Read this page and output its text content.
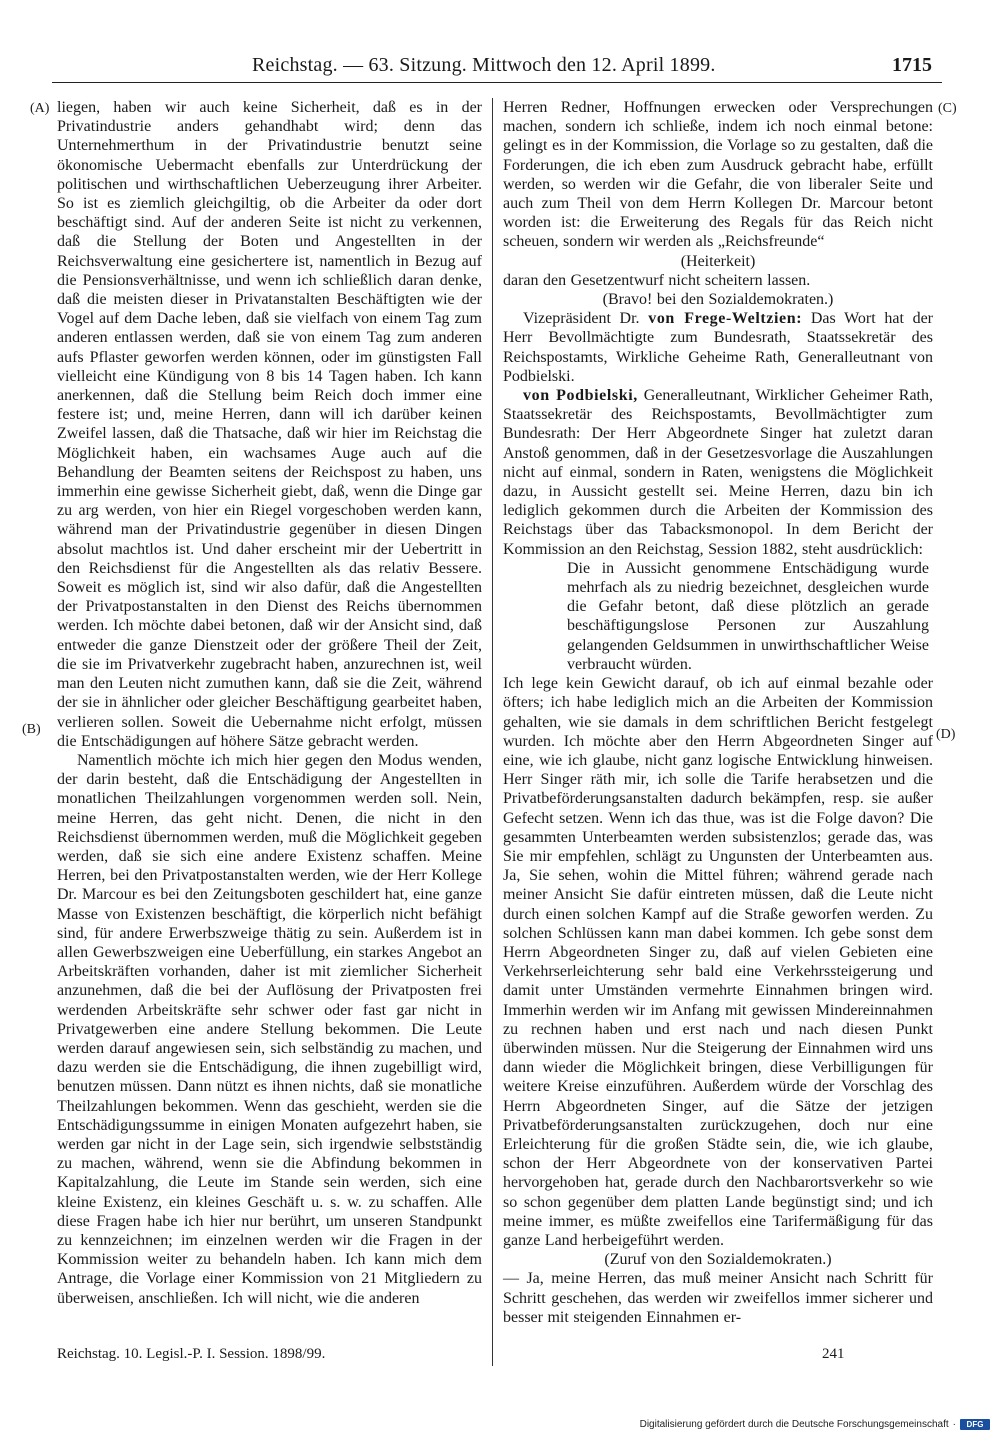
Reichstag. — 63. Sitzung. Mittwoch den 12. April 1899.	1715
(A)
(B)
(C)
(D)

liegen, haben wir auch keine Sicherheit, daß es in der Privatindustrie anders gehandhabt wird; denn das Unternehmerthum in der Privatindustrie benutzt seine ökonomische Uebermacht ebenfalls zur Unterdrückung der politischen und wirthschaftlichen Ueberzeugung ihrer Arbeiter. So ist es ziemlich gleichgiltig, ob die Arbeiter da oder dort beschäftigt sind. Auf der anderen Seite ist nicht zu verkennen, daß die Stellung der Boten und Angestellten in der Reichsverwaltung eine gesichertere ist, namentlich in Bezug auf die Pensionsverhältnisse, und wenn ich schließlich daran denke, daß die meisten dieser in Privatanstalten Beschäftigten wie der Vogel auf dem Dache leben, daß sie vielfach von einem Tag zum anderen entlassen werden, daß sie von einem Tag zum anderen aufs Pflaster geworfen werden können, oder im günstigsten Fall vielleicht eine Kündigung von 8 bis 14 Tagen haben. Ich kann anerkennen, daß die Stellung beim Reich doch immer eine festere ist; und, meine Herren, dann will ich darüber keinen Zweifel lassen, daß die Thatsache, daß wir hier im Reichstag die Möglichkeit haben, ein wachsames Auge auch auf die Behandlung der Beamten seitens der Reichspost zu haben, uns immerhin eine gewisse Sicherheit giebt, daß, wenn die Dinge gar zu arg werden, von hier ein Riegel vorgeschoben werden kann, während man der Privatindustrie gegenüber in diesen Dingen absolut machtlos ist. Und daher erscheint mir der Uebertritt in den Reichsdienst für die Angestellten als das relativ Bessere. Soweit es möglich ist, sind wir also dafür, daß die Angestellten der Privatpostanstalten in den Dienst des Reichs übernommen werden. Ich möchte dabei betonen, daß wir der Ansicht sind, daß entweder die ganze Dienstzeit oder der größere Theil der Zeit, die sie im Privatverkehr zugebracht haben, anzurechnen ist, weil man den Leuten nicht zumuthen kann, daß sie die Zeit, während der sie in ähnlicher oder gleicher Beschäftigung gearbeitet haben, verlieren sollen. Soweit die Uebernahme nicht erfolgt, müssen die Entschädigungen auf höhere Sätze gebracht werden.

Namentlich möchte ich mich hier gegen den Modus wenden, der darin besteht, daß die Entschädigung der Angestellten in monatlichen Theilzahlungen vorgenommen werden soll. Nein, meine Herren, das geht nicht. Denen, die nicht in den Reichsdienst übernommen werden, muß die Möglichkeit gegeben werden, daß sie sich eine andere Existenz schaffen. Meine Herren, bei den Privatpostanstalten werden, wie der Herr Kollege Dr. Marcour es bei den Zeitungsboten geschildert hat, eine ganze Masse von Existenzen beschäftigt, die körperlich nicht befähigt sind, für andere Erwerbszweige thätig zu sein. Außerdem ist in allen Gewerbszweigen eine Ueberfüllung, ein starkes Angebot an Arbeitskräften vorhanden, daher ist mit ziemlicher Sicherheit anzunehmen, daß die bei der Auflösung der Privatposten frei werdenden Arbeitskräfte sehr schwer oder fast gar nicht in Privatgewerben eine andere Stellung bekommen. Die Leute werden darauf angewiesen sein, sich selbständig zu machen, und dazu werden sie die Entschädigung, die ihnen zugebilligt wird, benutzen müssen. Dann nützt es ihnen nichts, daß sie monatliche Theilzahlungen bekommen. Wenn das geschieht, werden sie die Entschädigungssumme in einigen Monaten aufgezehrt haben, sie werden gar nicht in der Lage sein, sich irgendwie selbstständig zu machen, während, wenn sie die Abfindung bekommen in Kapitalzahlung, die Leute im Stande sein werden, sich eine kleine Existenz, ein kleines Geschäft u. s. w. zu schaffen. Alle diese Fragen habe ich hier nur berührt, um unseren Standpunkt zu kennzeichnen; im einzelnen werden wir die Fragen in der Kommission weiter zu behandeln haben. Ich kann mich dem Antrage, die Vorlage einer Kommission von 21 Mitgliedern zu überweisen, anschließen. Ich will nicht, wie die anderen

Herren Redner, Hoffnungen erwecken oder Versprechungen machen, sondern ich schließe, indem ich noch einmal betone: gelingt es in der Kommission, die Vorlage so zu gestalten, daß die Forderungen, die ich eben zum Ausdruck gebracht habe, erfüllt werden, so werden wir die Gefahr, die von liberaler Seite und auch zum Theil von dem Herrn Kollegen Dr. Marcour betont worden ist: die Erweiterung des Regals für das Reich nicht scheuen, sondern wir werden als „Reichsfreunde“

(Heiterkeit)

daran den Gesetzentwurf nicht scheitern lassen.

(Bravo! bei den Sozialdemokraten.)

Vizepräsident Dr. von Frege-Weltzien: Das Wort hat der Herr Bevollmächtigte zum Bundesrath, Staatssekretär des Reichspostamts, Wirkliche Geheime Rath, Generalleutnant von Podbielski.

von Podbielski, Generalleutnant, Wirklicher Geheimer Rath, Staatssekretär des Reichspostamts, Bevollmächtigter zum Bundesrath: Der Herr Abgeordnete Singer hat zuletzt daran Anstoß genommen, daß in der Gesetzesvorlage die Auszahlungen nicht auf einmal, sondern in Raten, wenigstens die Möglichkeit dazu, in Aussicht gestellt sei. Meine Herren, dazu bin ich lediglich gekommen durch die Arbeiten der Kommission des Reichstags über das Tabacksmonopol. In dem Bericht der Kommission an den Reichstag, Session 1882, steht ausdrücklich:

Die in Aussicht genommene Entschädigung wurde mehrfach als zu niedrig bezeichnet, desgleichen wurde die Gefahr betont, daß diese plötzlich an gerade beschäftigungslose Personen zur Auszahlung gelangenden Geldsummen in unwirthschaftlicher Weise verbraucht würden.

Ich lege kein Gewicht darauf, ob ich auf einmal bezahle oder öfters; ich habe lediglich mich an die Arbeiten der Kommission gehalten, wie sie damals in dem schriftlichen Bericht festgelegt wurden. Ich möchte aber den Herrn Abgeordneten Singer auf eine, wie ich glaube, nicht ganz logische Entwicklung hinweisen. Herr Singer räth mir, ich solle die Tarife herabsetzen und die Privatbeförderungsanstalten dadurch bekämpfen, resp. sie außer Gefecht setzen. Wenn ich das thue, was ist die Folge davon? Die gesammten Unterbeamten werden subsistenzlos; gerade das, was Sie mir empfehlen, schlägt zu Ungunsten der Unterbeamten aus. Ja, Sie sehen, wohin die Mittel führen; während gerade nach meiner Ansicht Sie dafür eintreten müssen, daß die Leute nicht durch einen solchen Kampf auf die Straße geworfen werden. Zu solchen Schlüssen kann man dabei kommen. Ich gebe sonst dem Herrn Abgeordneten Singer zu, daß auf vielen Gebieten eine Verkehrserleichterung sehr bald eine Verkehrssteigerung und damit unter Umständen vermehrte Einnahmen bringen wird. Immerhin werden wir im Anfang mit gewissen Mindereinnahmen zu rechnen haben und erst nach und nach diesen Punkt überwinden müssen. Nur die Steigerung der Einnahmen wird uns dann wieder die Möglichkeit bringen, diese Verbilligungen für weitere Kreise einzuführen. Außerdem würde der Vorschlag des Herrn Abgeordneten Singer, auf die Sätze der jetzigen Privatbeförderungsanstalten zurückzugehen, doch nur eine Erleichterung für die großen Städte sein, die, wie ich glaube, schon der Herr Abgeordnete von der konservativen Partei hervorgehoben hat, gerade durch den Nachbarortsverkehr so wie so schon gegenüber dem platten Lande begünstigt sind; und ich meine immer, es müßte zweifellos eine Tarifermäßigung für das ganze Land herbeigeführt werden.

(Zuruf von den Sozialdemokraten.)

— Ja, meine Herren, das muß meiner Ansicht nach Schritt für Schritt geschehen, das werden wir zweifellos immer sicherer und besser mit steigenden Einnahmen er-

Reichstag. 10. Legisl.-P. I. Session. 1898/99.	241
Digitalisierung gefördert durch die Deutsche Forschungsgemeinschaft ·	DFG
